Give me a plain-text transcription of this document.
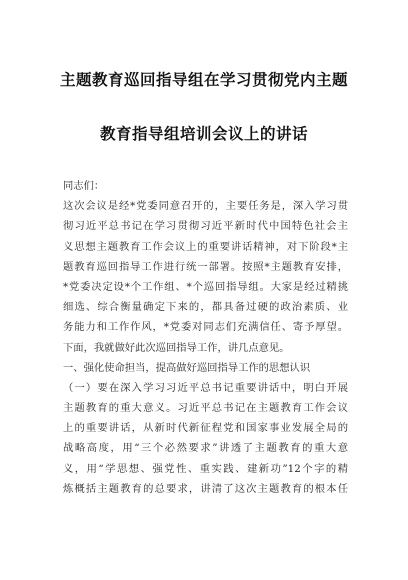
主题教育巡回指导组在学习贯彻党内主题
教育指导组培训会议上的讲话
同志们：
这次会议是经*党委同意召开的，主要任务是，深入学习贯
彻习近平总书记在学习贯彻习近平新时代中国特色社会主
义思想主题教育工作会议上的重要讲话精神，对下阶段*主
题教育巡回指导工作进行统一部署。按照*主题教育安排，
*党委决定设*个工作组、*个巡回指导组。大家是经过精挑
细选、综合衡量确定下来的，都具备过硬的政治素质、业
务能力和工作作风，*党委对同志们充满信任、寄予厚望。
下面，我就做好此次巡回指导工作，讲几点意见。
一、强化使命担当，提高做好巡回指导工作的思想认识
（一）要在深入学习习近平总书记重要讲话中，明白开展
主题教育的重大意义。习近平总书记在主题教育工作会议
上的重要讲话，从新时代新征程党和国家事业发展全局的
战略高度，用“三个必然要求”讲透了主题教育的重大意
义，用“学思想、强党性、重实践、建新功”12个字的精
炼概括主题教育的总要求，讲清了这次主题教育的根本任
